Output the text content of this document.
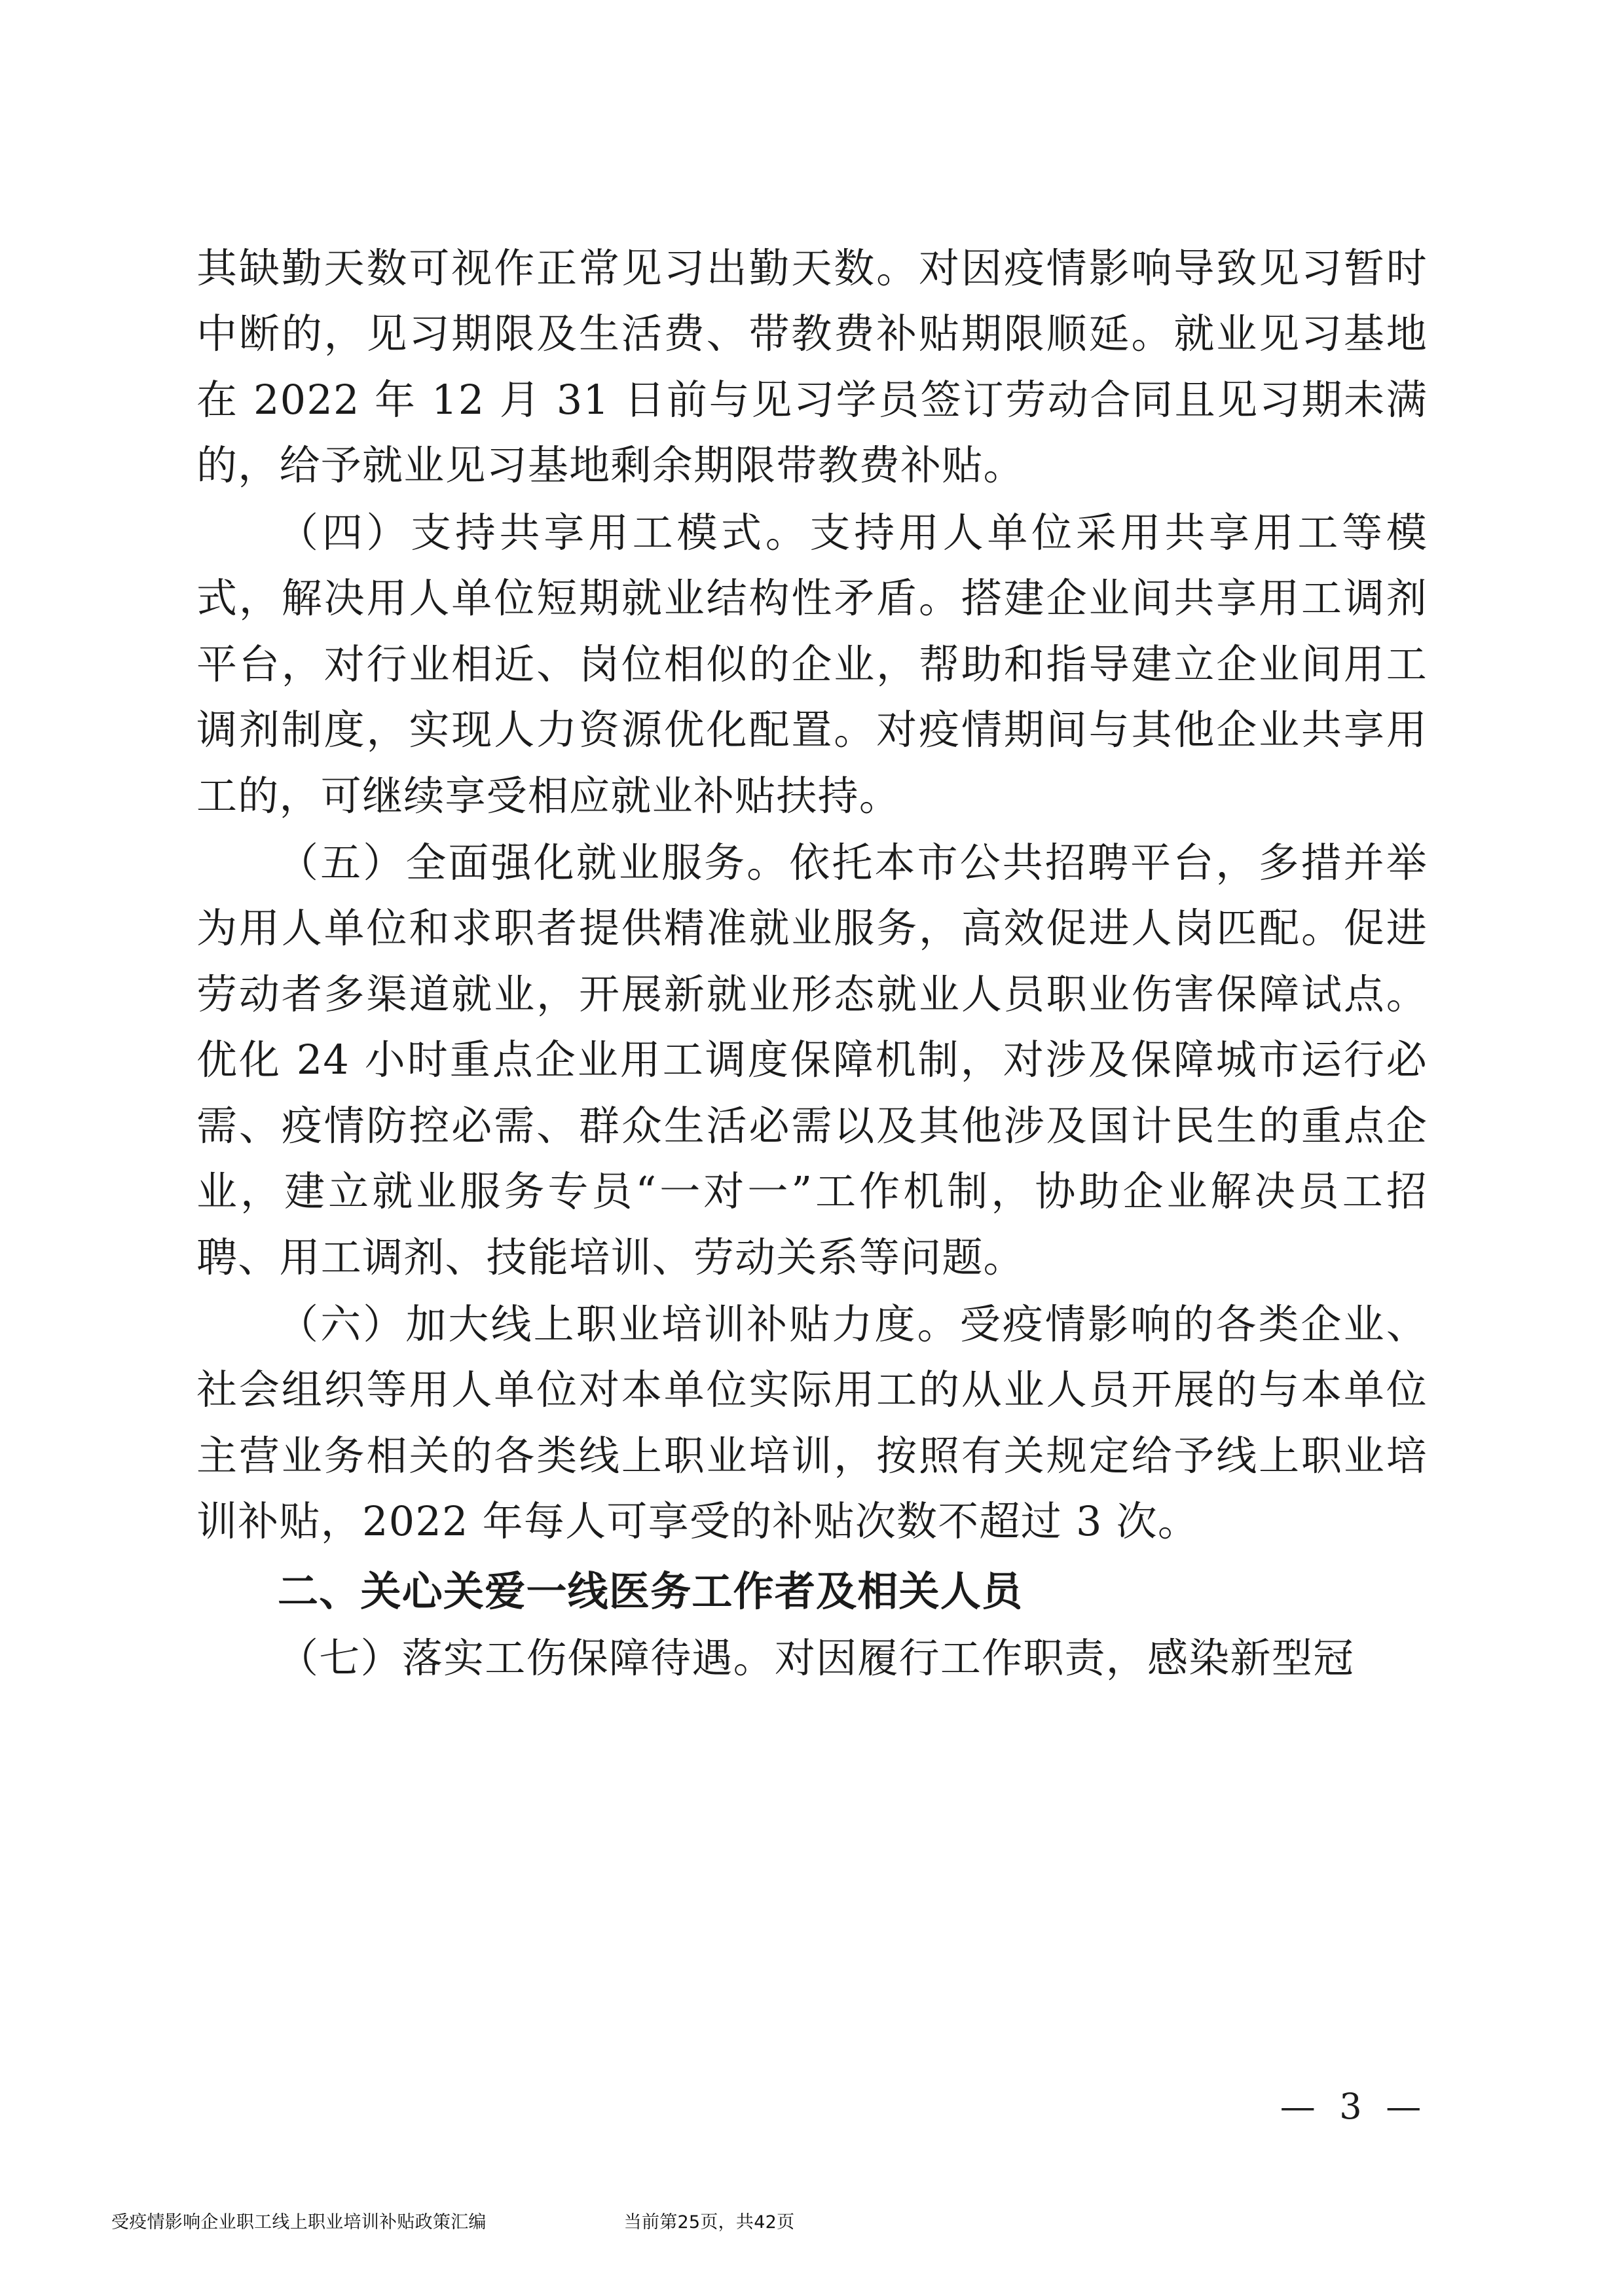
其缺勤天数可视作正常见习出勤天数。对因疫情影响导致见习暂时中断的，见习期限及生活费、带教费补贴期限顺延。就业见习基地在 2022 年 12 月 31 日前与见习学员签订劳动合同且见习期未满的，给予就业见习基地剩余期限带教费补贴。

（四）支持共享用工模式。支持用人单位采用共享用工等模式，解决用人单位短期就业结构性矛盾。搭建企业间共享用工调剂平台，对行业相近、岗位相似的企业，帮助和指导建立企业间用工调剂制度，实现人力资源优化配置。对疫情期间与其他企业共享用工的，可继续享受相应就业补贴扶持。

（五）全面强化就业服务。依托本市公共招聘平台，多措并举为用人单位和求职者提供精准就业服务，高效促进人岗匹配。促进劳动者多渠道就业，开展新就业形态就业人员职业伤害保障试点。优化 24 小时重点企业用工调度保障机制，对涉及保障城市运行必需、疫情防控必需、群众生活必需以及其他涉及国计民生的重点企业，建立就业服务专员“一对一”工作机制，协助企业解决员工招聘、用工调剂、技能培训、劳动关系等问题。

（六）加大线上职业培训补贴力度。受疫情影响的各类企业、社会组织等用人单位对本单位实际用工的从业人员开展的与本单位主营业务相关的各类线上职业培训，按照有关规定给予线上职业培训补贴，2022 年每人可享受的补贴次数不超过 3 次。

二、关心关爱一线医务工作者及相关人员

（七）落实工伤保障待遇。对因履行工作职责，感染新型冠

— 3 —
受疫情影响企业职工线上职业培训补贴政策汇编	当前第25页，共42页
